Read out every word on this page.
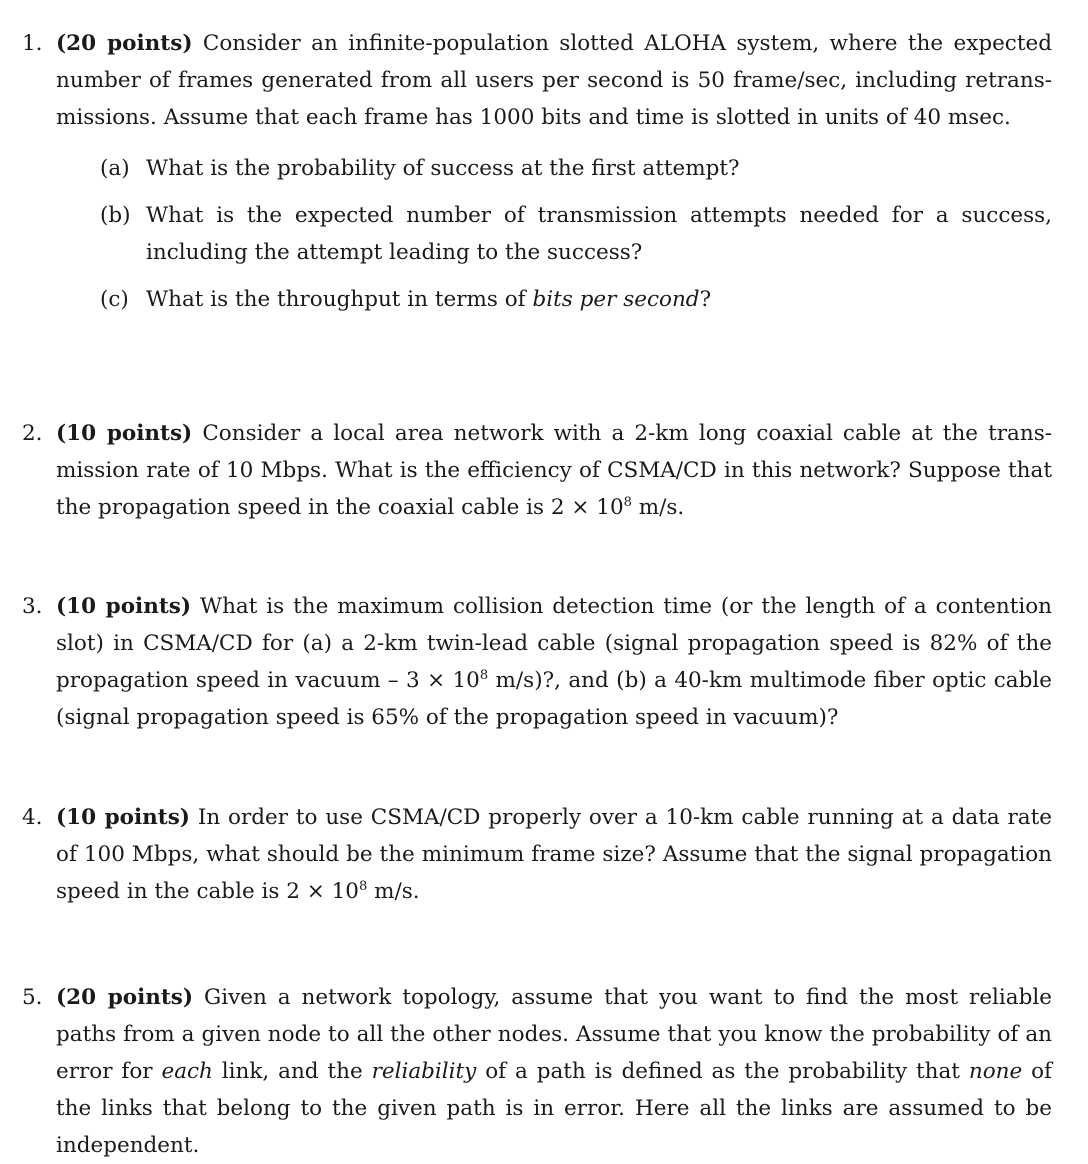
1. (20 points) Consider an infinite-population slotted ALOHA system, where the expected number of frames generated from all users per second is 50 frame/sec, including retrans-missions. Assume that each frame has 1000 bits and time is slotted in units of 40 msec.
(a) What is the probability of success at the first attempt?
(b) What is the expected number of transmission attempts needed for a success, including the attempt leading to the success?
(c) What is the throughput in terms of bits per second?
2. (10 points) Consider a local area network with a 2-km long coaxial cable at the trans-mission rate of 10 Mbps. What is the efficiency of CSMA/CD in this network? Suppose that the propagation speed in the coaxial cable is $2 \times 10^8$ m/s.
3. (10 points) What is the maximum collision detection time (or the length of a contention slot) in CSMA/CD for (a) a 2-km twin-lead cable (signal propagation speed is 82% of the propagation speed in vacuum – $3 \times 10^8$ m/s)?, and (b) a 40-km multimode fiber optic cable (signal propagation speed is 65% of the propagation speed in vacuum)?
4. (10 points) In order to use CSMA/CD properly over a 10-km cable running at a data rate of 100 Mbps, what should be the minimum frame size? Assume that the signal propagation speed in the cable is $2 \times 10^8$ m/s.
5. (20 points) Given a network topology, assume that you want to find the most reliable paths from a given node to all the other nodes. Assume that you know the probability of an error for each link, and the reliability of a path is defined as the probability that none of the links that belong to the given path is in error. Here all the links are assumed to be independent.
